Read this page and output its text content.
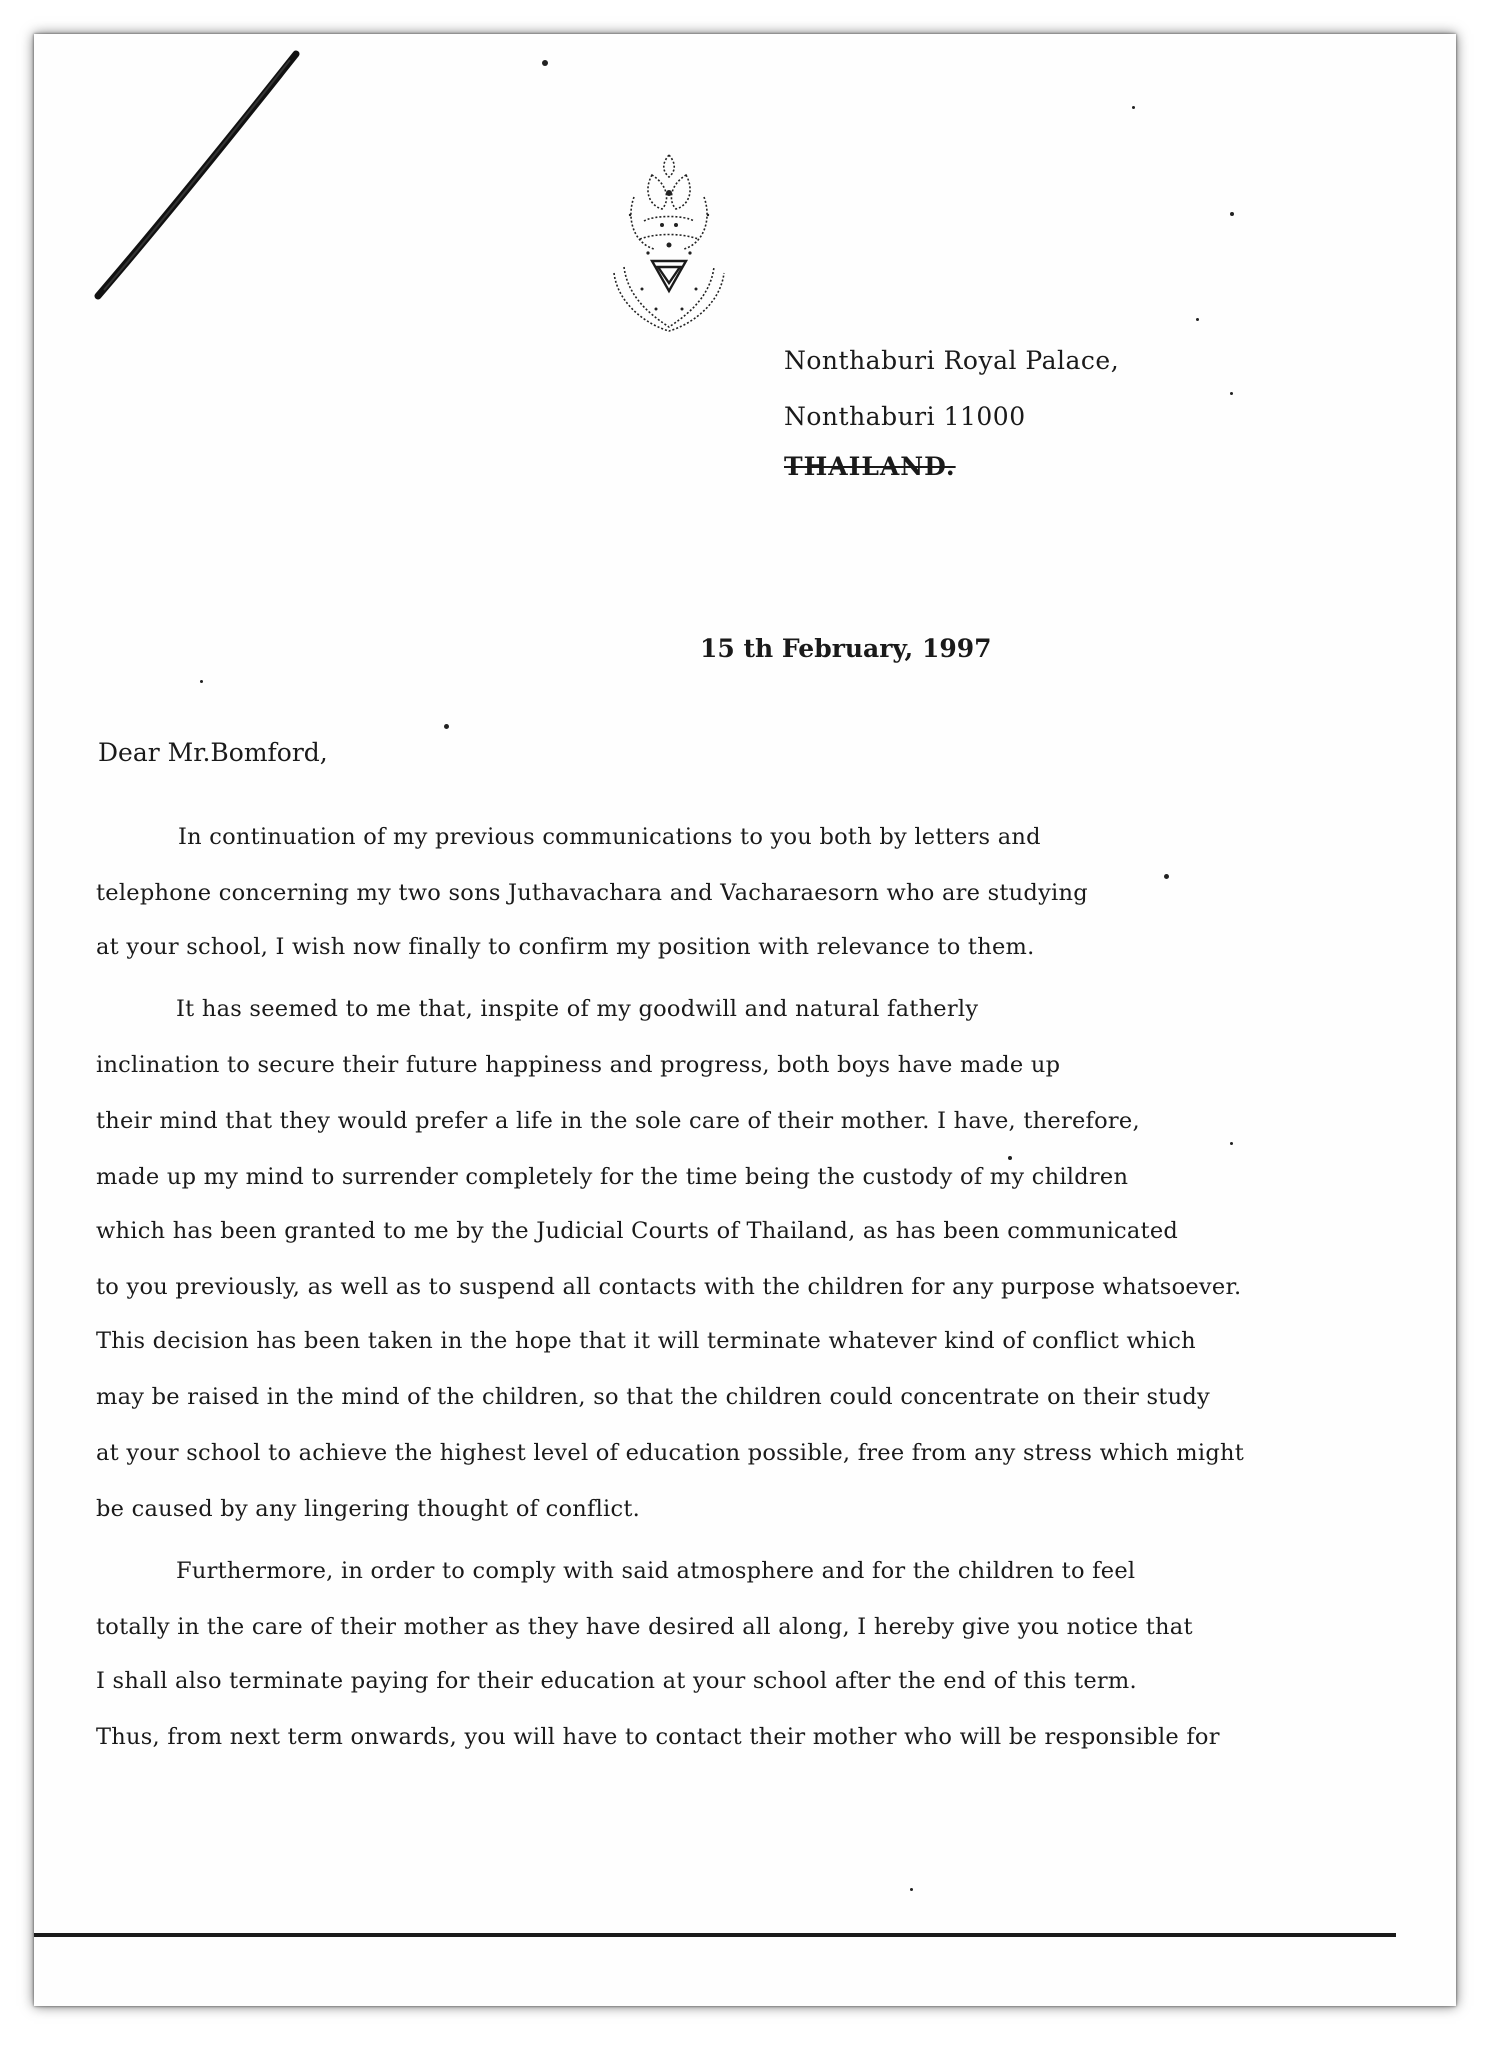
Nonthaburi Royal Palace,
Nonthaburi 11000
THAILAND.
15 th February, 1997
Dear Mr.Bomford,
In continuation of my previous communications to you both by letters and
telephone concerning my two sons Juthavachara and Vacharaesorn who are studying
at your school, I wish now finally to confirm my position with relevance to them.
It has seemed to me that, inspite of my goodwill and natural fatherly
inclination to secure their future happiness and progress, both boys have made up
their mind that they would prefer a life in the sole care of their mother. I have, therefore,
made up my mind to surrender completely for the time being the custody of my children
which has been granted to me by the Judicial Courts of Thailand, as has been communicated
to you previously, as well as to suspend all contacts with the children for any purpose whatsoever.
This decision has been taken in the hope that it will terminate whatever kind of conflict which
may be raised in the mind of the children, so that the children could concentrate on their study
at your school to achieve the highest level of education possible, free from any stress which might
be caused by any lingering thought of conflict.
Furthermore, in order to comply with said atmosphere and for the children to feel
totally in the care of their mother as they have desired all along, I hereby give you notice that
I shall also terminate paying for their education at your school after the end of this term.
Thus, from next term onwards, you will have to contact their mother who will be responsible for
